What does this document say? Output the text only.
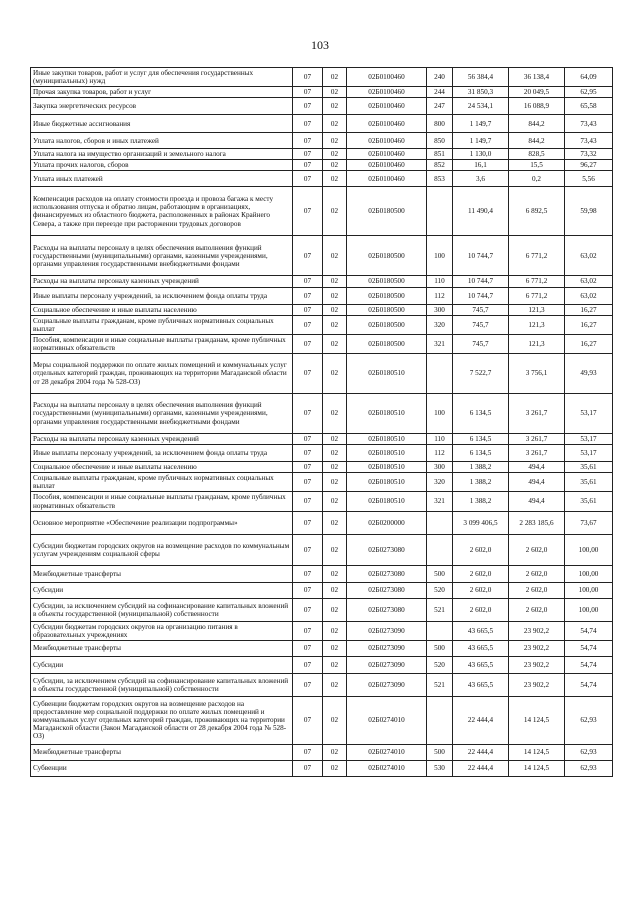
103
Иные закупки товаров, работ и услуг для обеспечения государственных (муниципальных) нужд	07	02	02Б0100460	240	56 384,4	36 138,4	64,09
Прочая закупка товаров, работ и услуг	07	02	02Б0100460	244	31 850,3	20 049,5	62,95
Закупка энергетических ресурсов	07	02	02Б0100460	247	24 534,1	16 088,9	65,58
Иные бюджетные ассигнования	07	02	02Б0100460	800	1 149,7	844,2	73,43
Уплата налогов, сборов и иных платежей	07	02	02Б0100460	850	1 149,7	844,2	73,43
Уплата налога на имущество организаций и земельного налога	07	02	02Б0100460	851	1 130,0	828,5	73,32
Уплата прочих налогов, сборов	07	02	02Б0100460	852	16,1	15,5	96,27
Уплата иных платежей	07	02	02Б0100460	853	3,6	0,2	5,56
Компенсация расходов на оплату стоимости проезда и провоза багажа к месту использования отпуска и обратно лицам, работающим в организациях, финансируемых из областного бюджета, расположенных в районах Крайнего Севера, а также при переезде при расторжении трудовых договоров	07	02	02Б0180500		11 490,4	6 892,5	59,98
Расходы на выплаты персоналу в целях обеспечения выполнения функций государственными (муниципальными) органами, казенными учреждениями, органами управления государственными внебюджетными фондами	07	02	02Б0180500	100	10 744,7	6 771,2	63,02
Расходы на выплаты персоналу казенных учреждений	07	02	02Б0180500	110	10 744,7	6 771,2	63,02
Иные выплаты персоналу учреждений, за исключением фонда оплаты труда	07	02	02Б0180500	112	10 744,7	6 771,2	63,02
Социальное обеспечение и иные выплаты населению	07	02	02Б0180500	300	745,7	121,3	16,27
Социальные выплаты гражданам, кроме публичных нормативных социальных выплат	07	02	02Б0180500	320	745,7	121,3	16,27
Пособия, компенсации и иные социальные выплаты гражданам, кроме публичных нормативных обязательств	07	02	02Б0180500	321	745,7	121,3	16,27
Меры социальной поддержки по оплате жилых помещений и коммунальных услуг отдельных категорий граждан, проживающих на территории Магаданской области от 28 декабря 2004 года № 528-ОЗ)	07	02	02Б0180510		7 522,7	3 756,1	49,93
Расходы на выплаты персоналу в целях обеспечения выполнения функций государственными (муниципальными) органами, казенными учреждениями, органами управления государственными внебюджетными фондами	07	02	02Б0180510	100	6 134,5	3 261,7	53,17
Расходы на выплаты персоналу казенных учреждений	07	02	02Б0180510	110	6 134,5	3 261,7	53,17
Иные выплаты персоналу учреждений, за исключением фонда оплаты труда	07	02	02Б0180510	112	6 134,5	3 261,7	53,17
Социальное обеспечение и иные выплаты населению	07	02	02Б0180510	300	1 388,2	494,4	35,61
Социальные выплаты гражданам, кроме публичных нормативных социальных выплат	07	02	02Б0180510	320	1 388,2	494,4	35,61
Пособия, компенсации и иные социальные выплаты гражданам, кроме публичных нормативных обязательств	07	02	02Б0180510	321	1 388,2	494,4	35,61
Основное мероприятие «Обеспечение реализации подпрограммы»	07	02	02Б0200000		3 099 406,5	2 283 185,6	73,67
Субсидии бюджетам городских округов на возмещение расходов по коммунальным услугам учреждениям социальной сферы	07	02	02Б0273080		2 602,0	2 602,0	100,00
Межбюджетные трансферты	07	02	02Б0273080	500	2 602,0	2 602,0	100,00
Субсидии	07	02	02Б0273080	520	2 602,0	2 602,0	100,00
Субсидии, за исключением субсидий на софинансирование капитальных вложений в объекты государственной (муниципальной) собственности	07	02	02Б0273080	521	2 602,0	2 602,0	100,00
Субсидии бюджетам городских округов на организацию питания в образовательных учреждениях	07	02	02Б0273090		43 665,5	23 902,2	54,74
Межбюджетные трансферты	07	02	02Б0273090	500	43 665,5	23 902,2	54,74
Субсидии	07	02	02Б0273090	520	43 665,5	23 902,2	54,74
Субсидии, за исключением субсидий на софинансирование капитальных вложений в объекты государственной (муниципальной) собственности	07	02	02Б0273090	521	43 665,5	23 902,2	54,74
Субвенции бюджетам городских округов на возмещение расходов на предоставление мер социальной поддержки по оплате жилых помещений и коммунальных услуг отдельных категорий граждан, проживающих на территории Магаданской области (Закон Магаданской области от 28 декабря 2004 года № 528-ОЗ)	07	02	02Б0274010		22 444,4	14 124,5	62,93
Межбюджетные трансферты	07	02	02Б0274010	500	22 444,4	14 124,5	62,93
Субвенции	07	02	02Б0274010	530	22 444,4	14 124,5	62,93
